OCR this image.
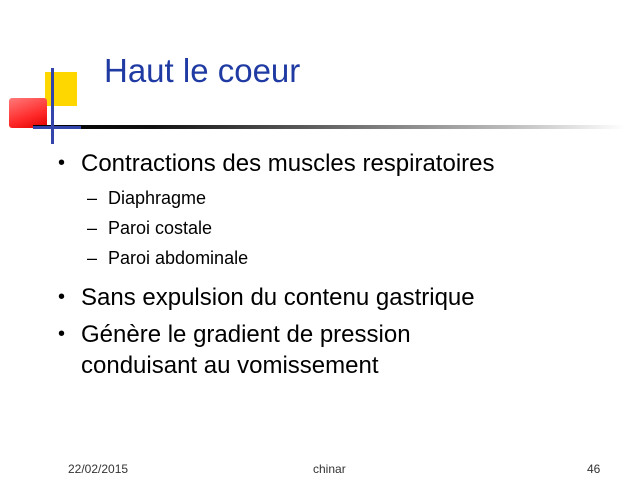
Haut le coeur
• Contractions des muscles respiratoires
– Diaphragme
– Paroi costale
– Paroi abdominale
• Sans expulsion du contenu gastrique
• Génère le gradient de pression
conduisant au vomissement
22/02/2015	chinar	46
